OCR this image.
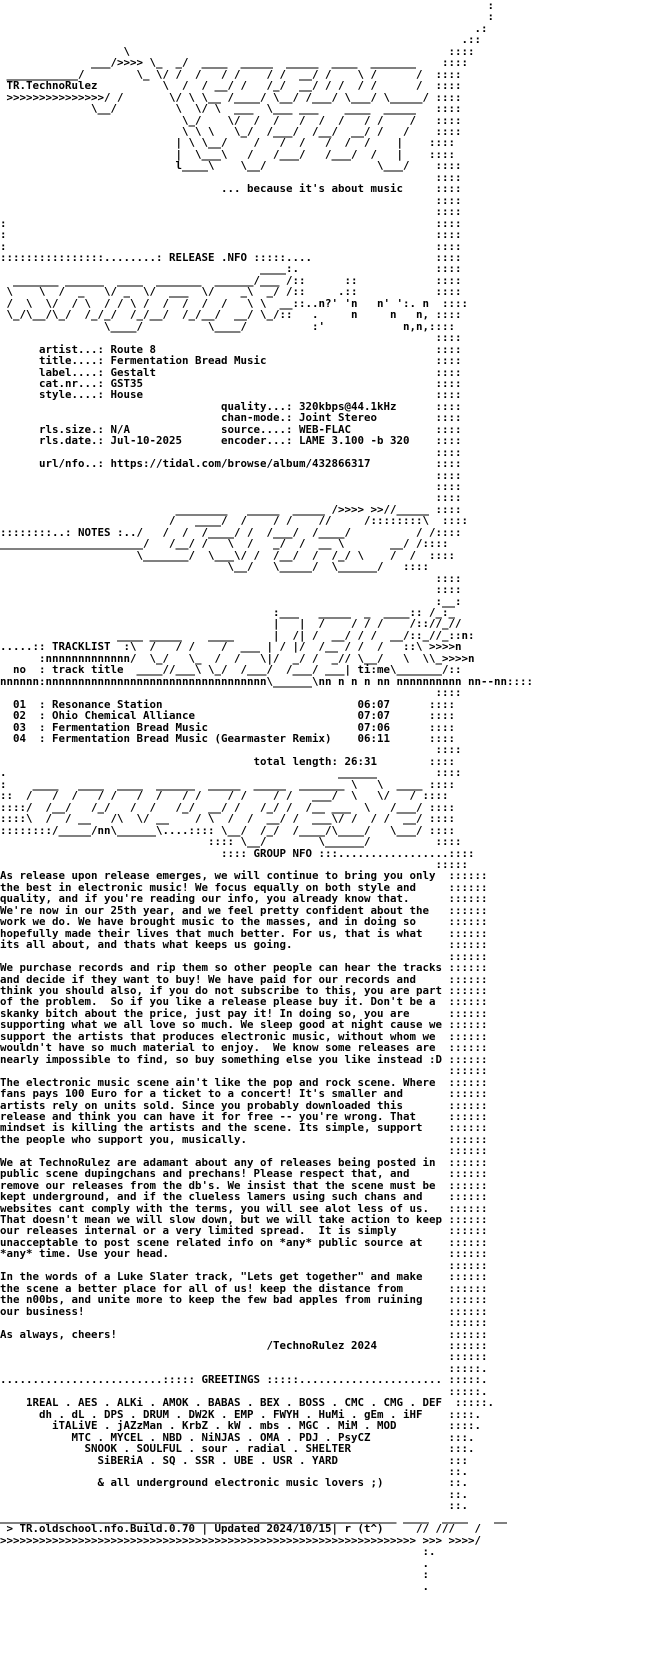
:
:
.:
.::
\                                                 ::::
___/>>>> \_  _/  ____  _____  _____  ____  _______    ::::
___________/        \_ \/ /  /   / /    / /  __/ /    \ /      /  ::::
TR.TechnoRulez          \  /  / __/ /   /_/  __/ / /  / /      /  ::::
>>>>>>>>>>>>>>>/ /       \/ \ \__ /____/ \__/ /___/ \___/ \_____/ ::::
\__/         \  \/ \  ___  \___ ___    ____  _____   ::::
\_/    \/  /  /   /  /  /   / /    /   ::::
\ \ \   \_/  /___/  /__/  __/ /   /    ::::
| \ \__/    /   /  /   /  /  /    |    ::::
|  \___\   /   /___/   /___/  /   |    ::::
l____\    \__/                 \___/    ::::
::::
... because it's about music     ::::
::::
::::
:                                                                  ::::
:                                                                  ::::
:                                                                  ::::
::::::::::::::::........: RELEASE .NFO :::::....                   ::::
____:.                     ::::
_______ ______  ____  _______  ______/___ /::      ::            ::::
\    \  /  _   \/ _  \/  ___  \/    _\  _/ /::     .::            ::::
/  \  \/  / \  / / \ /  /  /  /  /   \ \  __::..n?' 'n   n' ':. n  ::::
\_/\__/\_/  /_/_/  /_/__/  /_/__/  __/ \_/::   .     n     n   n, ::::
\____/          \____/          :'            n,n,::::
::::
artist...: Route 8                                           ::::
title....: Fermentation Bread Music                          ::::
label....: Gestalt                                           ::::
cat.nr...: GST35                                             ::::
style....: House                                             ::::
quality...: 320kbps@44.1kHz      ::::
chan-mode.: Joint Stereo         ::::
rls.size.: N/A              source....: WEB-FLAC             ::::
rls.date.: Jul-10-2025      encoder...: LAME 3.100 -b 320    ::::
::::
url/nfo..: https://tidal.com/browse/album/432866317          ::::
::::
::::
::::
________   _____  _____ />>>> >>//_____ ::::
/   ____/  /    / /    //     /::::::::\  ::::
::::::::..: NOTES :../   /  /  /____/ /  /___/  /____/          / /::::
______________________/   /__/ /   \  /   _/  /  __ \       __/ /::::
\_______/  \___\/ /  /__/  /  /_/ \    /  /  ::::
\__/   \_____/  \______/   ::::
::::
::::
:__:
:___   _____  _  ____:: /_:_
|   |  /    / / /    /:://_//
____ _____    ____      |  /| /  __/ / /  __/::_//_::n:
.....:: TRACKLIST  :\  /   / /    /  ___ | / |/  /__ / /  /   ::\ >>>>n
:nnnnnnnnnnnnn/  \_/   \_  /  /   \|/  _/ /  _// \__/   \  \\_>>>>n
no  : track title  ____//___\ \_/  /___/  /___/ ___| ti:me\_______/::
nnnnnn:nnnnnnnnnnnnnnnnnnnnnnnnnnnnnnnnnn\______\nn n n n nn nnnnnnnnnn nn--nn::::
::::
01  : Resonance Station                              06:07      ::::
02  : Ohio Chemical Alliance                         07:07      ::::
03  : Fermentation Bread Music                       07:06      ::::
04  : Fermentation Bread Music (Gearmaster Remix)    06:11      ::::
::::
total length: 26:31        ::::
.                                                   ______         ::::
:    ____   ____  ____  ______  _____  _____  _______ \   \  ____ ::::
::  /   /  /   / /   /  /   / /    / /    / /   ___/  \   \/   / ::::
::::/  /__/   /_/   /  /   /_/  __/ /   /_/ /  /__ ___  \   /___/ ::::
::::\  /  / __   /\  \/ __    / \  /  /  __/ /  ___\/ /  / /  __/ ::::
::::::::/_____/nn\______\....:::: \__/  /_/  /____/\____/   \___/ ::::
:::: \__/        \______/          ::::
:::: GROUP NFO :::.................::::
:::::
As release upon release emerges, we will continue to bring you only  ::::::
the best in electronic music! We focus equally on both style and     ::::::
quality, and if you're reading our info, you already know that.      ::::::
We're now in our 25th year, and we feel pretty confident about the   ::::::
work we do. We have brought music to the masses, and in doing so     ::::::
hopefully made their lives that much better. For us, that is what    ::::::
its all about, and thats what keeps us going.                        ::::::
::::::
We purchase records and rip them so other people can hear the tracks ::::::
and decide if they want to buy! We have paid for our records and     ::::::
think you should also, if you do not subscribe to this, you are part ::::::
of the problem.  So if you like a release please buy it. Don't be a  ::::::
skanky bitch about the price, just pay it! In doing so, you are      ::::::
supporting what we all love so much. We sleep good at night cause we ::::::
support the artists that produces electronic music, without whom we  ::::::
wouldn't have so much material to enjoy.  We know some releases are  ::::::
nearly impossible to find, so buy something else you like instead :D ::::::
::::::
The electronic music scene ain't like the pop and rock scene. Where  ::::::
fans pays 100 Euro for a ticket to a concert! It's smaller and       ::::::
artists rely on units sold. Since you probably downloaded this       ::::::
release and think you can have it for free -- you're wrong. That     ::::::
mindset is killing the artists and the scene. Its simple, support    ::::::
the people who support you, musically.                               ::::::
::::::
We at TechnoRulez are adamant about any of releases being posted in  ::::::
public scene dupingchans and prechans! Please respect that, and      ::::::
remove our releases from the db's. We insist that the scene must be  ::::::
kept underground, and if the clueless lamers using such chans and    ::::::
websites cant comply with the terms, you will see alot less of us.   ::::::
That doesn't mean we will slow down, but we will take action to keep ::::::
our releases internal or a very limited spread.  It is simply        ::::::
unacceptable to post scene related info on *any* public source at    ::::::
*any* time. Use your head.                                           ::::::
::::::
In the words of a Luke Slater track, "Lets get together" and make    ::::::
the scene a better place for all of us! keep the distance from       ::::::
the n00bs, and unite more to keep the few bad apples from ruining    ::::::
our business!                                                        ::::::
::::::
As always, cheers!                                                   ::::::
/TechnoRulez 2024           ::::::
::::::
:::::.
.........................::::: GREETINGS :::::...................... :::::.
:::::.
1REAL . AES . ALKi . AMOK . BABAS . BEX . BOSS . CMC . CMG . DEF  :::::.
dh . dL . DPS . DRUM . DW2K . EMP . FWYH . HuMi . gEm . iHF    ::::.
iTALiVE . jAZzMan . KrbZ . kW . mbs . MGC . MiM . MOD        ::::.
MTC . MYCEL . NBD . NiNJAS . OMA . PDJ . PsyCZ            :::.
SNOOK . SOULFUL . sour . radial . SHELTER               :::.
SiBERiA . SQ . SSR . UBE . USR . YARD                 :::
::.
& all underground electronic music lovers ;)          ::.
::.
::.
_____________________________________________________________ ____  ____    __
> TR.oldschool.nfo.Build.0.70 | Updated 2024/10/15| r (t^)     // ///   /
>>>>>>>>>>>>>>>>>>>>>>>>>>>>>>>>>>>>>>>>>>>>>>>>>>>>>>>>>>>>>>>> >>> >>>>/
:.
.
:
.
